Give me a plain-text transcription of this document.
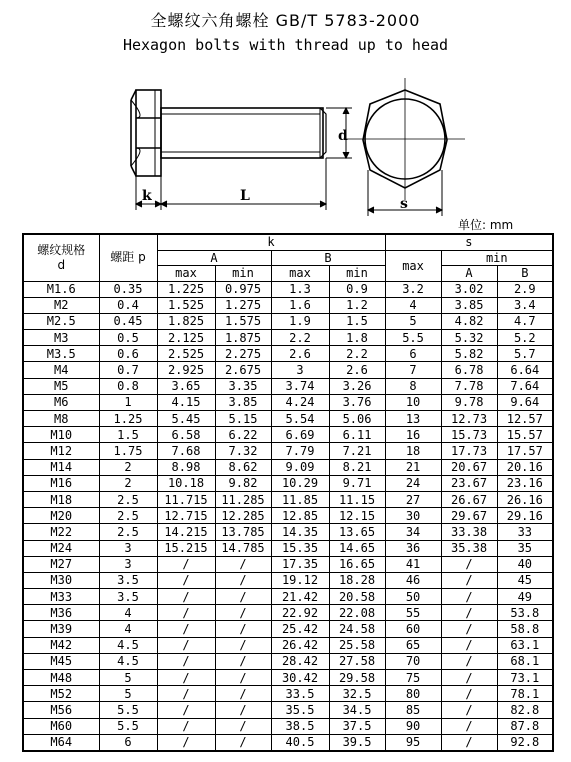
全螺纹六角螺栓 GB/T 5783-2000
Hexagon bolts with thread up to head
d
k	L	s
单位: mm
螺纹规格
d	螺距 p	k				s		
		A		B		max	min	
		max	min	max	min		A	B
M1.6	0.35	1.225	0.975	1.3	0.9	3.2	3.02	2.9
M2	0.4	1.525	1.275	1.6	1.2	4	3.85	3.4
M2.5	0.45	1.825	1.575	1.9	1.5	5	4.82	4.7
M3	0.5	2.125	1.875	2.2	1.8	5.5	5.32	5.2
M3.5	0.6	2.525	2.275	2.6	2.2	6	5.82	5.7
M4	0.7	2.925	2.675	3	2.6	7	6.78	6.64
M5	0.8	3.65	3.35	3.74	3.26	8	7.78	7.64
M6	1	4.15	3.85	4.24	3.76	10	9.78	9.64
M8	1.25	5.45	5.15	5.54	5.06	13	12.73	12.57
M10	1.5	6.58	6.22	6.69	6.11	16	15.73	15.57
M12	1.75	7.68	7.32	7.79	7.21	18	17.73	17.57
M14	2	8.98	8.62	9.09	8.21	21	20.67	20.16
M16	2	10.18	9.82	10.29	9.71	24	23.67	23.16
M18	2.5	11.715	11.285	11.85	11.15	27	26.67	26.16
M20	2.5	12.715	12.285	12.85	12.15	30	29.67	29.16
M22	2.5	14.215	13.785	14.35	13.65	34	33.38	33
M24	3	15.215	14.785	15.35	14.65	36	35.38	35
M27	3	/	/	17.35	16.65	41	/	40
M30	3.5	/	/	19.12	18.28	46	/	45
M33	3.5	/	/	21.42	20.58	50	/	49
M36	4	/	/	22.92	22.08	55	/	53.8
M39	4	/	/	25.42	24.58	60	/	58.8
M42	4.5	/	/	26.42	25.58	65	/	63.1
M45	4.5	/	/	28.42	27.58	70	/	68.1
M48	5	/	/	30.42	29.58	75	/	73.1
M52	5	/	/	33.5	32.5	80	/	78.1
M56	5.5	/	/	35.5	34.5	85	/	82.8
M60	5.5	/	/	38.5	37.5	90	/	87.8
M64	6	/	/	40.5	39.5	95	/	92.8
